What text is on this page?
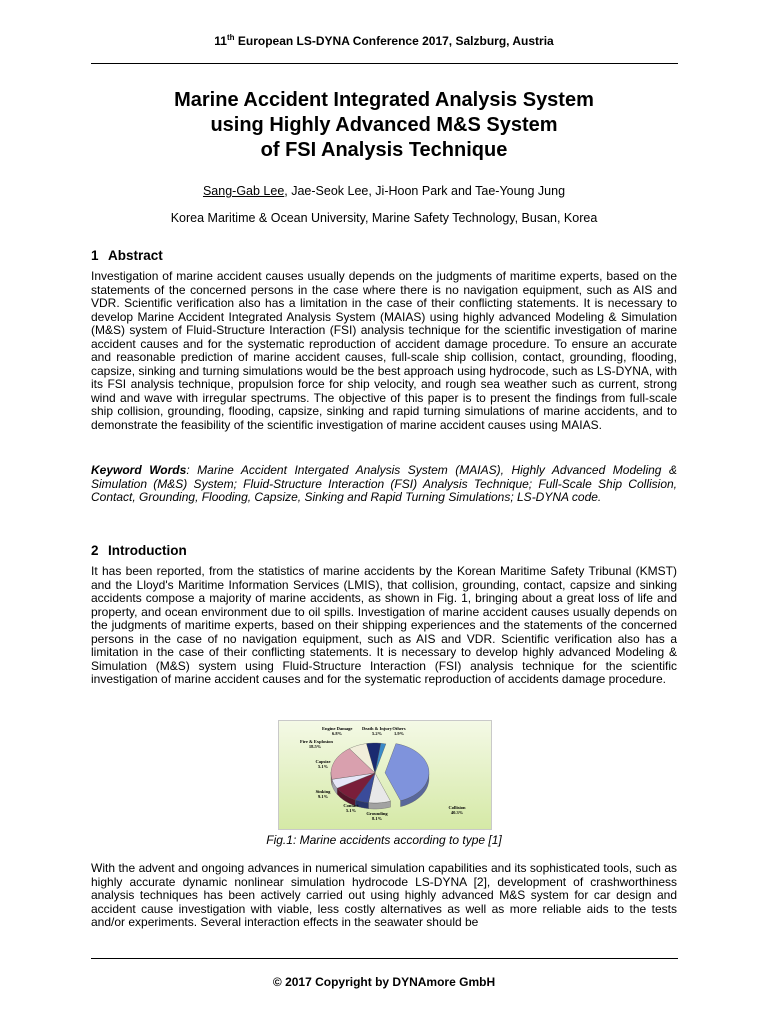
11th European LS-DYNA Conference 2017, Salzburg, Austria
Marine Accident Integrated Analysis System
using Highly Advanced M&S System
of FSI Analysis Technique
Sang-Gab Lee, Jae-Seok Lee, Ji-Hoon Park and Tae-Young Jung
Korea Maritime & Ocean University, Marine Safety Technology, Busan, Korea
1 Abstract
Investigation of marine accident causes usually depends on the judgments of maritime experts, based on the statements of the concerned persons in the case where there is no navigation equipment, such as AIS and VDR. Scientific verification also has a limitation in the case of their conflicting statements. It is necessary to develop Marine Accident Integrated Analysis System (MAIAS) using highly advanced Modeling & Simulation (M&S) system of Fluid-Structure Interaction (FSI) analysis technique for the scientific investigation of marine accident causes and for the systematic reproduction of accident damage procedure. To ensure an accurate and reasonable prediction of marine accident causes, full-scale ship collision, contact, grounding, flooding, capsize, sinking and turning simulations would be the best approach using hydrocode, such as LS-DYNA, with its FSI analysis technique, propulsion force for ship velocity, and rough sea weather such as current, strong wind and wave with irregular spectrums. The objective of this paper is to present the findings from full-scale ship collision, grounding, flooding, capsize, sinking and rapid turning simulations of marine accidents, and to demonstrate the feasibility of the scientific investigation of marine accident causes using MAIAS.
Keyword Words: Marine Accident Intergated Analysis System (MAIAS), Highly Advanced Modeling & Simulation (M&S) System; Fluid-Structure Interaction (FSI) Analysis Technique; Full-Scale Ship Collision, Contact, Grounding, Flooding, Capsize, Sinking and Rapid Turning Simulations; LS-DYNA code.
2 Introduction
It has been reported, from the statistics of marine accidents by the Korean Maritime Safety Tribunal (KMST) and the Lloyd's Maritime Information Services (LMIS), that collision, grounding, contact, capsize and sinking accidents compose a majority of marine accidents, as shown in Fig. 1, bringing about a great loss of life and property, and ocean environment due to oil spills. Investigation of marine accident causes usually depends on the judgments of maritime experts, based on their shipping experiences and the statements of the concerned persons in the case of no navigation equipment, such as AIS and VDR. Scientific verification also has a limitation in the case of their conflicting statements. It is necessary to develop highly advanced Modeling & Simulation (M&S) system using Fluid-Structure Interaction (FSI) analysis technique for the scientific investigation of marine accident causes and for the systematic reproduction of accidents damage procedure.
Collision
40.3%
Grounding
8.1%
Contact
5.1%
Sinking
9.1%
Capsize
5.1%
Fire & Explosion
18.5%
Engine Damage
6.8%
Death & Injury
5.2%
Others
1.9%
Fig.1: Marine accidents according to type [1]
With the advent and ongoing advances in numerical simulation capabilities and its sophisticated tools, such as highly accurate dynamic nonlinear simulation hydrocode LS-DYNA [2], development of crashworthiness analysis techniques has been actively carried out using highly advanced M&S system for car design and accident cause investigation with viable, less costly alternatives as well as more reliable aids to the tests and/or experiments. Several interaction effects in the seawater should be
© 2017 Copyright by DYNAmore GmbH
